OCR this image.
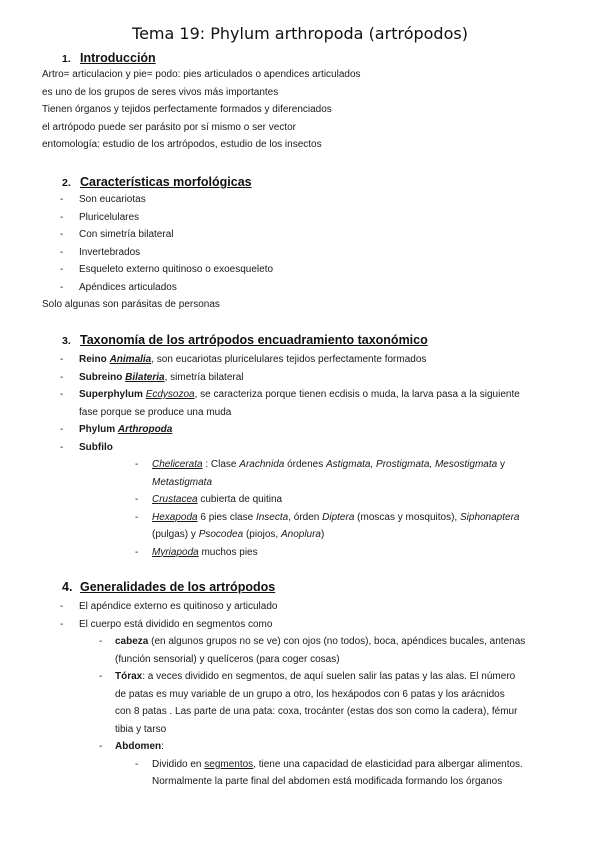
Tema 19: Phylum arthropoda (artrópodos)
1. Introducción
Artro= articulacion y pie= podo: pies articulados o apendices articulados
es uno de los grupos de seres vivos más importantes
Tienen órganos y tejidos perfectamente formados y diferenciados
el artrópodo puede ser parásito por sí mismo o ser vector
entomología: estudio de los artrópodos, estudio de los insectos
2. Características morfológicas
- Son eucariotas
- Pluricelulares
- Con simetría bilateral
- Invertebrados
- Esqueleto externo quitinoso o exoesqueleto
- Apéndices articulados
Solo algunas son parásitas de personas
3. Taxonomía de los artrópodos encuadramiento taxonómico
- Reino Animalia, son eucariotas pluricelulares tejidos perfectamente formados
- Subreino Bilateria, simetría bilateral
- Superphylum Ecdysozoa, se caracteriza porque tienen ecdisis o muda, la larva pasa a la siguiente
fase porque se produce una muda
- Phylum Arthropoda
- Subfilo
- Chelicerata : Clase Arachnida órdenes Astigmata, Prostigmata, Mesostigmata y
Metastigmata
- Crustacea cubierta de quitina
- Hexapoda 6 pies clase Insecta, órden Diptera (moscas y mosquitos), Siphonaptera
(pulgas) y Psocodea (piojos, Anoplura)
- Myriapoda muchos pies
4. Generalidades de los artrópodos
- El apéndice externo es quitinoso y articulado
- El cuerpo está dividido en segmentos como
- cabeza (en algunos grupos no se ve) con ojos (no todos), boca, apéndices bucales, antenas
(función sensorial) y quelíceros (para coger cosas)
- Tórax: a veces dividido en segmentos, de aquí suelen salir las patas y las alas. El número
de patas es muy variable de un grupo a otro, los hexápodos con 6 patas y los arácnidos
con 8 patas . Las parte de una pata: coxa, trocánter (estas dos son como la cadera), fémur
tibia y tarso
- Abdomen:
- Dividido en segmentos, tiene una capacidad de elasticidad para albergar alimentos.
Normalmente la parte final del abdomen está modificada formando los órganos
